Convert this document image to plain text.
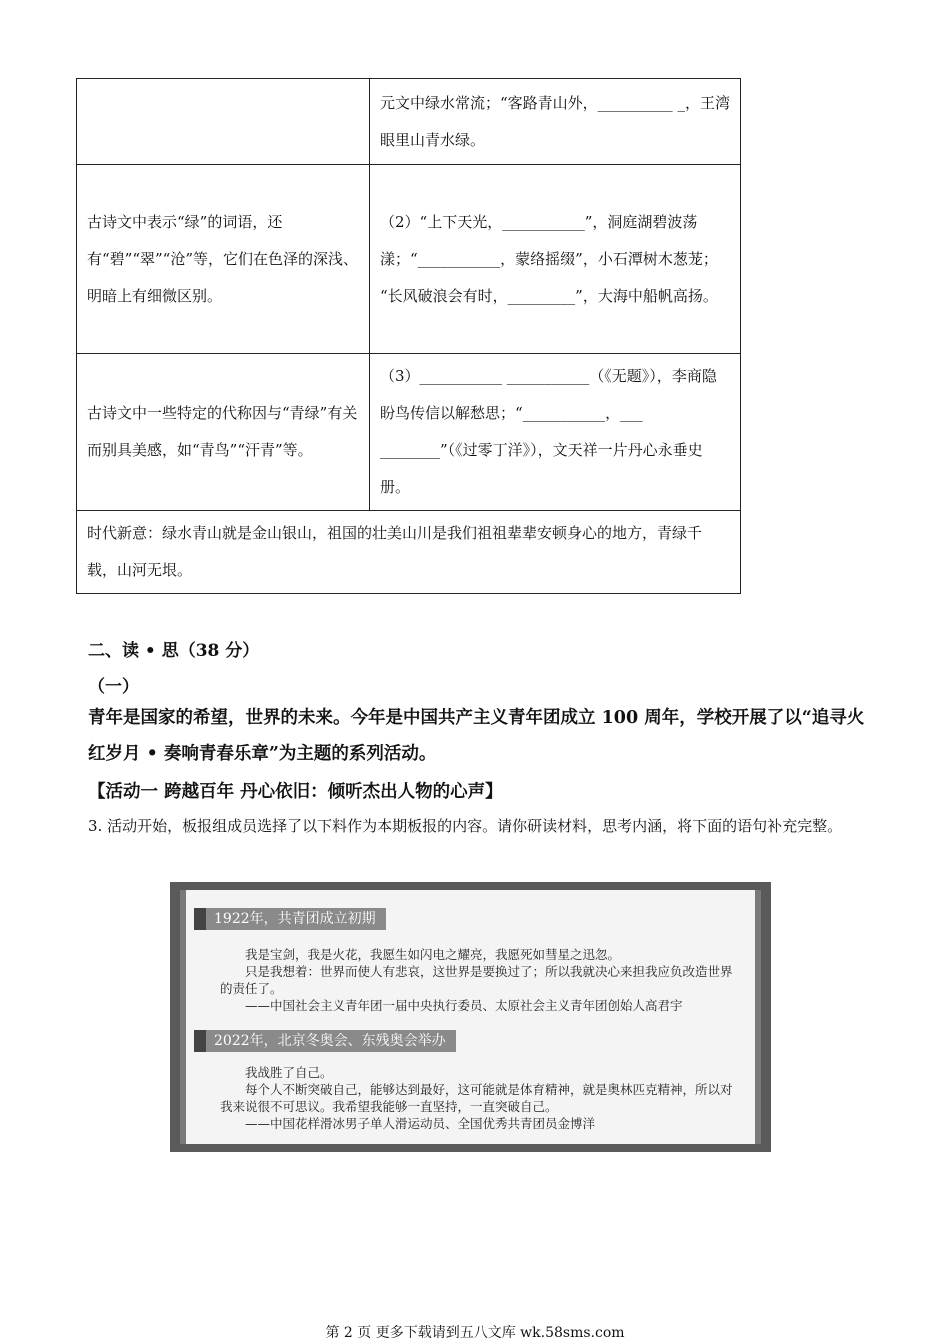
	元文中绿水常流；“客路青山外，__________ _，王湾眼里山青水绿。
古诗文中表示“绿”的词语，还有“碧”“翠”“沧”等，它们在色泽的深浅、明暗上有细微区别。	（2）“上下天光，___________”，洞庭湖碧波荡漾；“___________，蒙络摇缀”，小石潭树木葱茏；
“长风破浪会有时，_________”，大海中船帆高扬。

古诗文中一些特定的代称因与“青绿”有关而别具美感，如“青鸟”“汗青”等。	（3）___________ ___________（《无题》），李商隐盼鸟传信以解愁思；“___________，___ ________”（《过零丁洋》），文天祥一片丹心永垂史册。
时代新意：绿水青山就是金山银山，祖国的壮美山川是我们祖祖辈辈安顿身心的地方，青绿千载，山河无垠。	
二、读 • 思（38 分）
（一）
青年是国家的希望，世界的未来。今年是中国共产主义青年团成立 100 周年，学校开展了以“追寻火红岁月 • 奏响青春乐章”为主题的系列活动。
【活动一 跨越百年 丹心依旧：倾听杰出人物的心声】
3. 活动开始，板报组成员选择了以下料作为本期板报的内容。请你研读材料，思考内涵，将下面的语句补充完整。
1922年，共青团成立初期

我是宝剑，我是火花，我愿生如闪电之耀亮，我愿死如彗星之迅忽。

只是我想着：世界而使人有悲哀，这世界是要换过了；所以我就决心来担我应负改造世界的责任了。

——中国社会主义青年团一届中央执行委员、太原社会主义青年团创始人高君宇

2022年，北京冬奥会、东残奥会举办

我战胜了自己。

每个人不断突破自己，能够达到最好，这可能就是体育精神，就是奥林匹克精神，所以对我来说很不可思议。我希望我能够一直坚持，一直突破自己。

——中国花样滑冰男子单人滑运动员、全国优秀共青团员金博洋

第 2 页 更多下载请到五八文库 wk.58sms.com
